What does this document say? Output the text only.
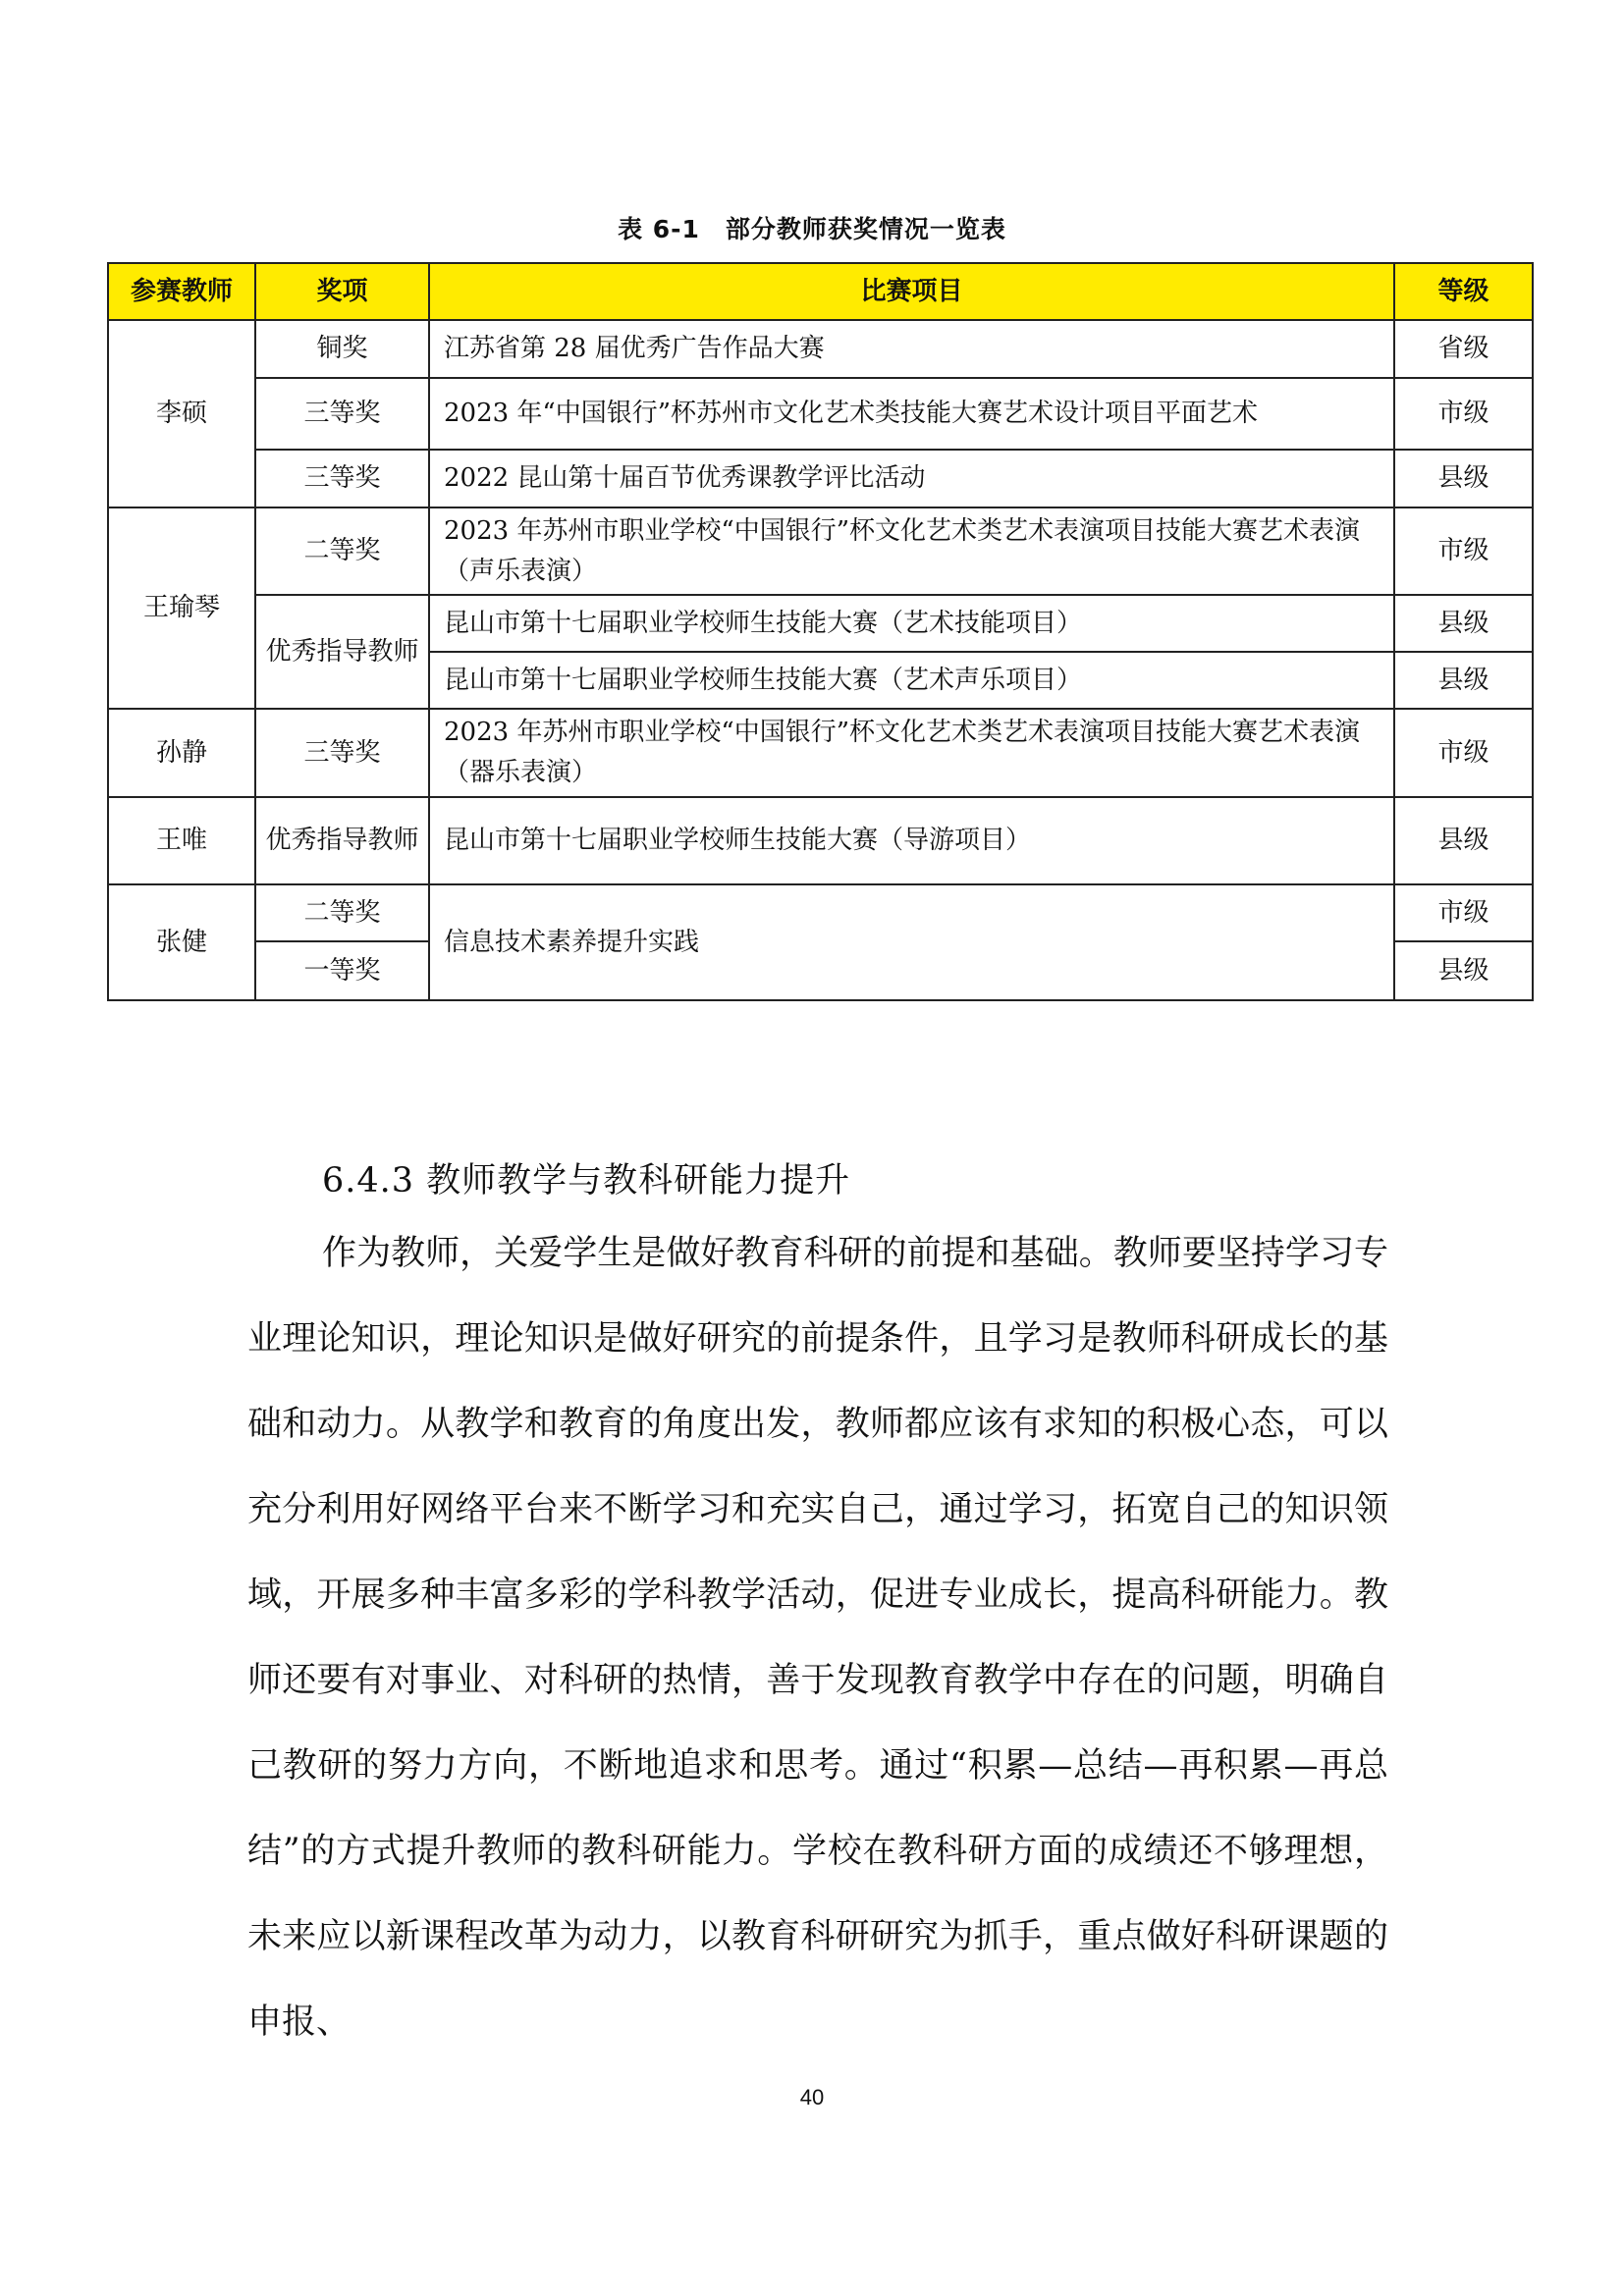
表 6-1　部分教师获奖情况一览表
参赛教师	奖项	比赛项目	等级
李硕	铜奖	江苏省第 28 届优秀广告作品大赛	省级
	三等奖	2023 年“中国银行”杯苏州市文化艺术类技能大赛艺术设计项目平面艺术	市级
	三等奖	2022 昆山第十届百节优秀课教学评比活动	县级
王瑜琴	二等奖	2023 年苏州市职业学校“中国银行”杯文化艺术类艺术表演项目技能大赛艺术表演（声乐表演）	市级
	优秀指导教师	昆山市第十七届职业学校师生技能大赛（艺术技能项目）	县级
		昆山市第十七届职业学校师生技能大赛（艺术声乐项目）	县级
孙静	三等奖	2023 年苏州市职业学校“中国银行”杯文化艺术类艺术表演项目技能大赛艺术表演（器乐表演）	市级
王唯	优秀指导教师	昆山市第十七届职业学校师生技能大赛（导游项目）	县级
张健	二等奖	信息技术素养提升实践	市级
	一等奖		县级
6.4.3 教师教学与教科研能力提升

作为教师，关爱学生是做好教育科研的前提和基础。教师要坚持学习专业理论知识，理论知识是做好研究的前提条件，且学习是教师科研成长的基础和动力。从教学和教育的角度出发，教师都应该有求知的积极心态，可以充分利用好网络平台来不断学习和充实自己，通过学习，拓宽自己的知识领域，开展多种丰富多彩的学科教学活动，促进专业成长，提高科研能力。教师还要有对事业、对科研的热情，善于发现教育教学中存在的问题，明确自己教研的努力方向，不断地追求和思考。通过“积累—总结—再积累—再总结”的方式提升教师的教科研能力。学校在教科研方面的成绩还不够理想，未来应以新课程改革为动力，以教育科研研究为抓手，重点做好科研课题的申报、

40
